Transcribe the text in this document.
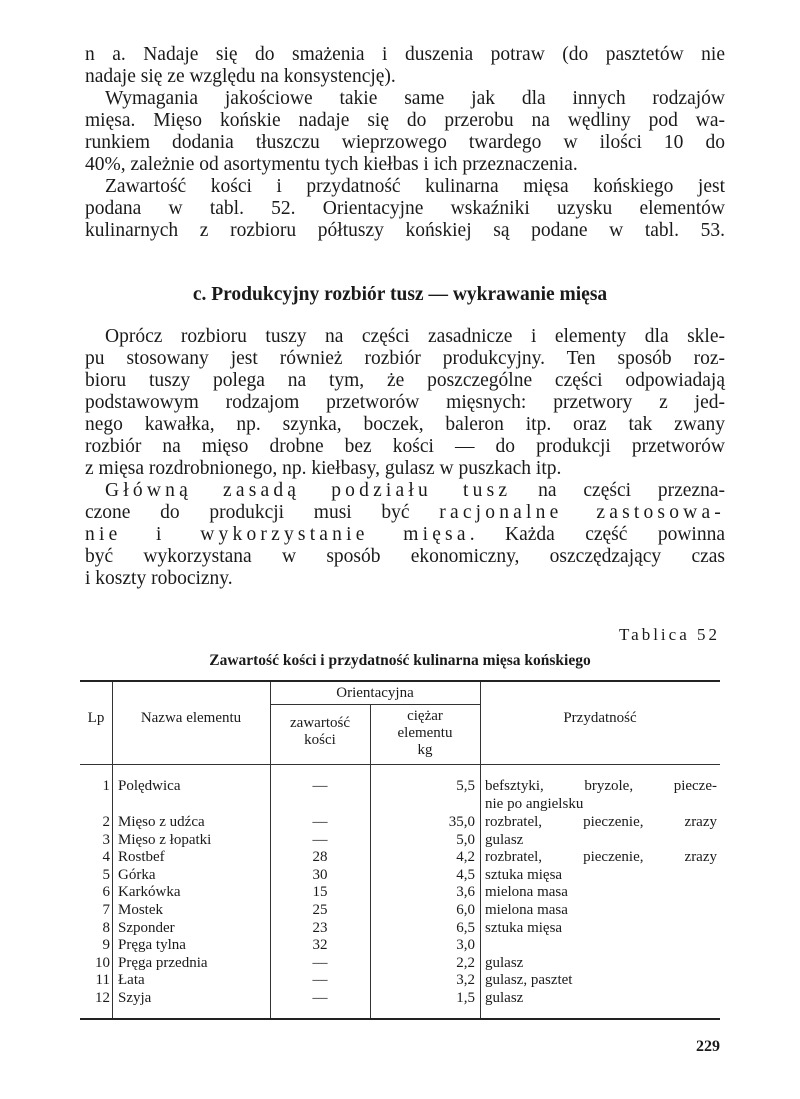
n a. Nadaje się do smażenia i duszenia potraw (do pasztetów nie
nadaje się ze względu na konsystencję).
Wymagania jakościowe takie same jak dla innych rodzajów
mięsa. Mięso końskie nadaje się do przerobu na wędliny pod wa-
runkiem dodania tłuszczu wieprzowego twardego w ilości 10 do
40%, zależnie od asortymentu tych kiełbas i ich przeznaczenia.
Zawartość kości i przydatność kulinarna mięsa końskiego jest
podana w tabl. 52. Orientacyjne wskaźniki uzysku elementów
kulinarnych z rozbioru półtuszy końskiej są podane w tabl. 53.
c. Produkcyjny rozbiór tusz — wykrawanie mięsa
Oprócz rozbioru tuszy na części zasadnicze i elementy dla skle-
pu stosowany jest również rozbiór produkcyjny. Ten sposób roz-
bioru tuszy polega na tym, że poszczególne części odpowiadają
podstawowym rodzajom przetworów mięsnych: przetwory z jed-
nego kawałka, np. szynka, boczek, baleron itp. oraz tak zwany
rozbiór na mięso drobne bez kości — do produkcji przetworów
z mięsa rozdrobnionego, np. kiełbasy, gulasz w puszkach itp.
Główną zasadą podziału tusz na części przezna-
czone do produkcji musi być racjonalne zastosowa-
nie i wykorzystanie mięsa. Każda część powinna
być wykorzystana w sposób ekonomiczny, oszczędzający czas
i koszty robocizny.
Tablica 52
Zawartość kości i przydatność kulinarna mięsa końskiego
Lp	Nazwa elementu
Orientacyjna
zawartość
kości
ciężar
elementu
kg
Przydatność
1 Polędwica	—	5,5 befsztyki, bryzole, piecze-
nie po angielsku
2 Mięso z udźca	—	35,0 rozbratel, pieczenie, zrazy
3 Mięso z łopatki	—	5,0 gulasz
4 Rostbef	28	4,2 rozbratel, pieczenie, zrazy
5 Górka	30	4,5 sztuka mięsa
6 Karkówka	15	3,6 mielona masa
7 Mostek	25	6,0 mielona masa
8 Szponder	23	6,5 sztuka mięsa
9 Pręga tylna	32	3,0
10 Pręga przednia	—	2,2 gulasz
11 Łata	—	3,2 gulasz, pasztet
12 Szyja	—	1,5 gulasz
229
